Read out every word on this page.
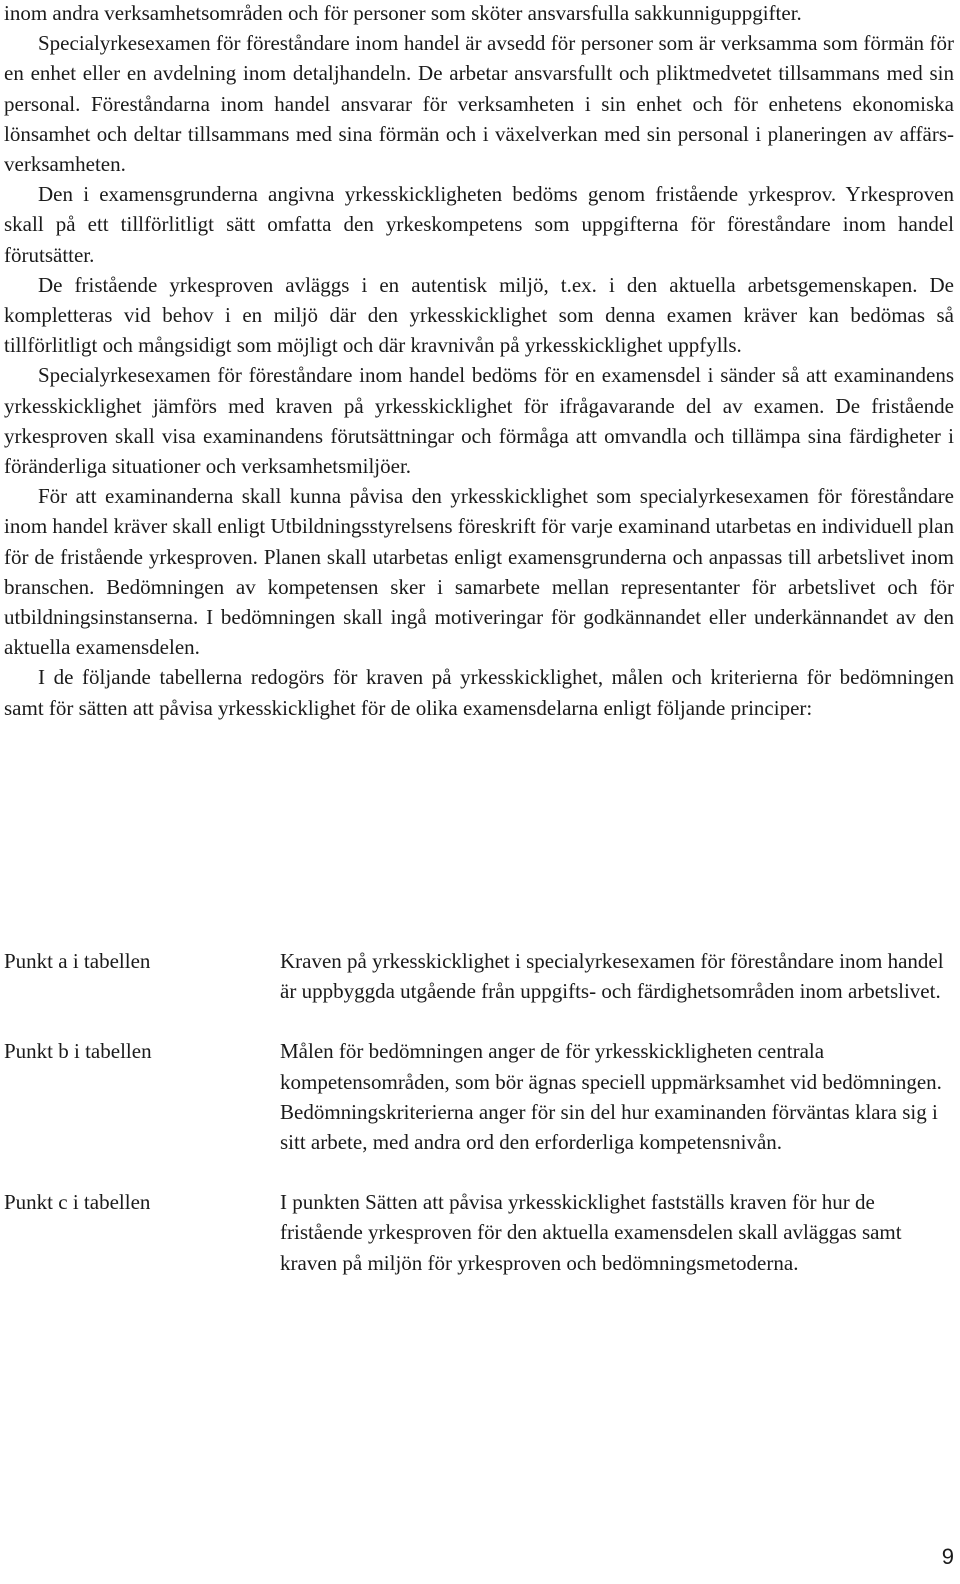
inom andra verksamhetsområden och för personer som sköter ansvarsfulla sakkunniguppgifter.

Specialyrkesexamen för föreståndare inom handel är avsedd för personer som är verksamma som förmän för en enhet eller en avdelning inom detaljhandeln. De arbetar ansvarsfullt och pliktmedvetet tillsammans med sin personal. Föreståndarna inom handel ansvarar för verksamheten i sin enhet och för enhetens ekonomiska lönsamhet och deltar tillsammans med sina förmän och i växelverkan med sin personal i planeringen av affärsverksamheten.

Den i examensgrunderna angivna yrkesskickligheten bedöms genom fristående yrkesprov. Yrkesproven skall på ett tillförlitligt sätt omfatta den yrkeskompetens som uppgifterna för föreståndare inom handel förutsätter.

De fristående yrkesproven avläggs i en autentisk miljö, t.ex. i den aktuella arbetsgemenskapen. De kompletteras vid behov i en miljö där den yrkesskicklighet som denna examen kräver kan bedömas så tillförlitligt och mångsidigt som möjligt och där kravnivån på yrkesskicklighet uppfylls.

Specialyrkesexamen för föreståndare inom handel bedöms för en examensdel i sänder så att examinandens yrkesskicklighet jämförs med kraven på yrkesskicklighet för ifrågavarande del av examen. De fristående yrkesproven skall visa examinandens förutsättningar och förmåga att omvandla och tillämpa sina färdigheter i föränderliga situationer och verksamhetsmiljöer.

För att examinanderna skall kunna påvisa den yrkesskicklighet som specialyrkesexamen för föreståndare inom handel kräver skall enligt Utbildningsstyrelsens föreskrift för varje examinand utarbetas en individuell plan för de fristående yrkesproven. Planen skall utarbetas enligt examensgrunderna och anpassas till arbetslivet inom branschen. Bedömningen av kompetensen sker i samarbete mellan representanter för arbetslivet och för utbildningsinstanserna. I bedömningen skall ingå motiveringar för godkännandet eller underkännandet av den aktuella examensdelen.

I de följande tabellerna redogörs för kraven på yrkesskicklighet, målen och kriterierna för bedömningen samt för sätten att påvisa yrkesskicklighet för de olika examensdelarna enligt följande principer:

Punkt a i tabellen	Kraven på yrkesskicklighet i specialyrkesexamen för föreståndare inom handel är uppbyggda utgående från uppgifts- och färdighetsområden inom arbetslivet.
Punkt b i tabellen	Målen för bedömningen anger de för yrkesskickligheten centrala kompetensområden, som bör ägnas speciell uppmärksamhet vid bedömningen.
Bedömningskriterierna anger för sin del hur examinanden förväntas klara sig i sitt arbete, med andra ord den erforderliga kompetensnivån.
Punkt c i tabellen	I punkten Sätten att påvisa yrkesskicklighet fastställs kraven för hur de fristående yrkesproven för den aktuella examensdelen skall avläggas samt kraven på miljön för yrkesproven och bedömningsmetoderna.
9
